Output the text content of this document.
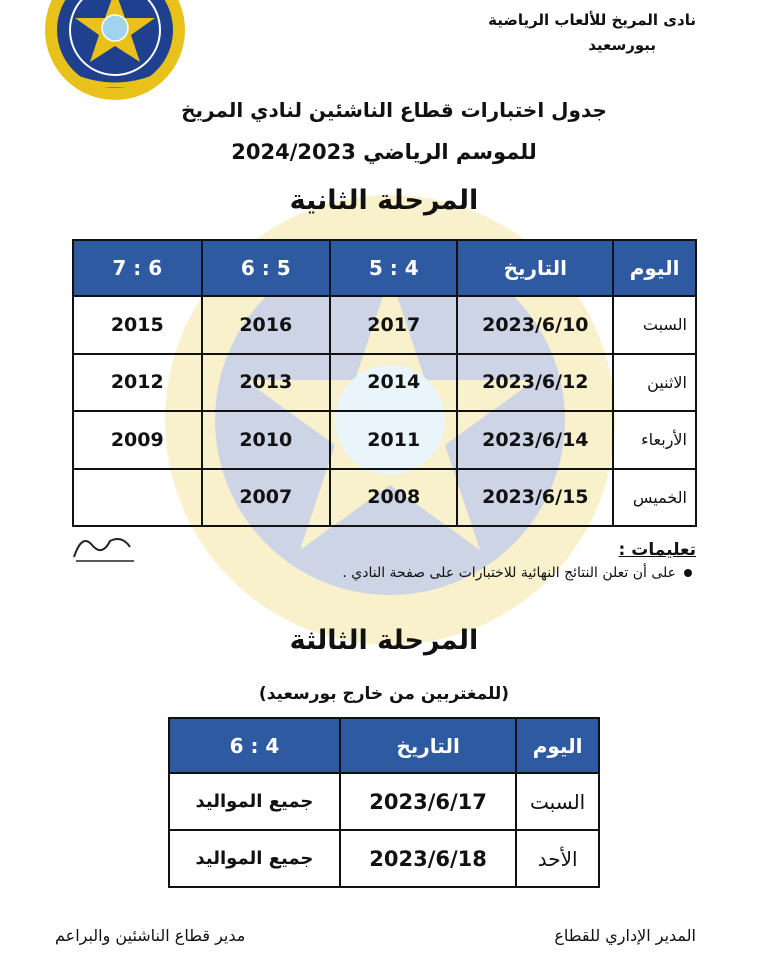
نادى المريخ للألعاب الرياضية
ببورسعيد
جدول اختبارات قطاع الناشئين لنادي المريخ
للموسم الرياضي 2024/2023
المرحلة الثانية
اليوم	التاريخ	4 : 5	5 : 6	6 : 7
السبت	2023/6/10	2017	2016	2015
الاثنين	2023/6/12	2014	2013	2012
الأربعاء	2023/6/14	2011	2010	2009
الخميس	2023/6/15	2008	2007	
تعليمات :
على أن تعلن النتائج النهائية للاختبارات على صفحة النادي .
المرحلة الثالثة
(للمغتربين من خارج بورسعيد)
اليوم	التاريخ	4 : 6
السبت	2023/6/17	جميع المواليد
الأحد	2023/6/18	جميع المواليد
المدير الإداري للقطاع
مدير قطاع الناشئين والبراعم
